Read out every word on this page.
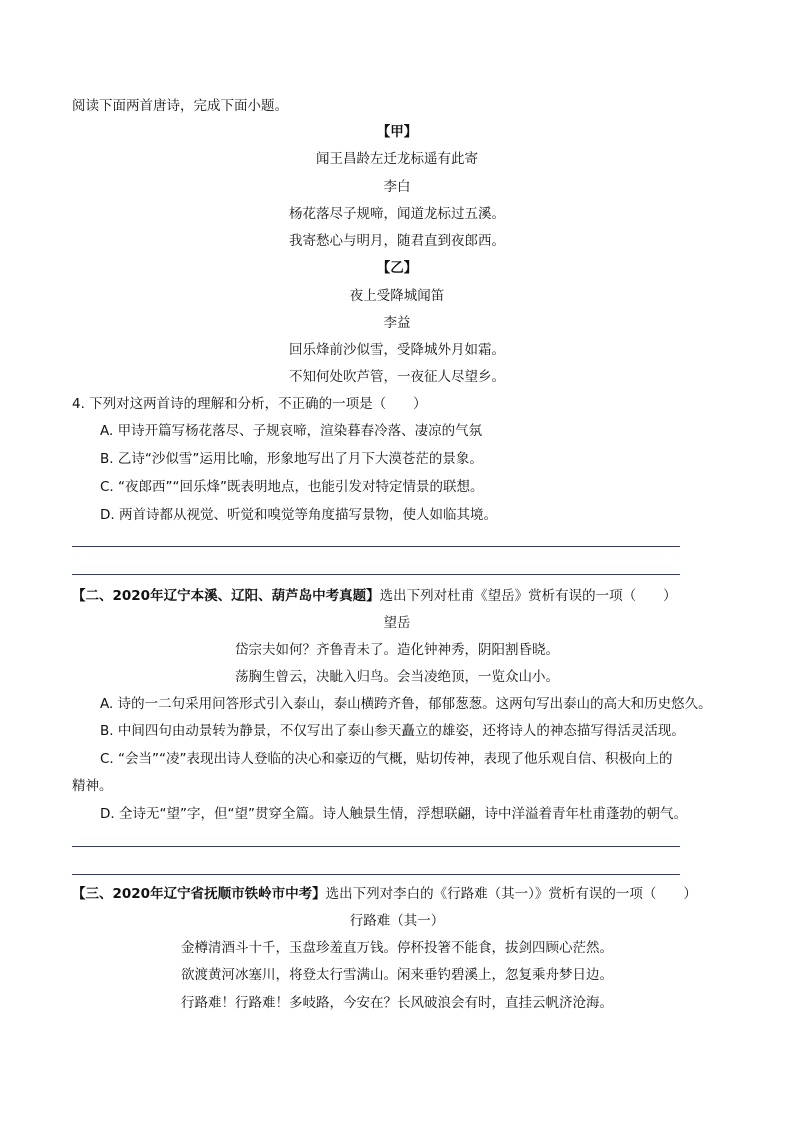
阅读下面两首唐诗，完成下面小题。
【甲】
闻王昌龄左迁龙标遥有此寄
李白
杨花落尽子规啼，闻道龙标过五溪。
我寄愁心与明月，随君直到夜郎西。
【乙】
夜上受降城闻笛
李益
回乐烽前沙似雪，受降城外月如霜。
不知何处吹芦管，一夜征人尽望乡。
4. 下列对这两首诗的理解和分析，不正确的一项是（　　）
A. 甲诗开篇写杨花落尽、子规哀啼，渲染暮春冷落、凄凉的气氛
B. 乙诗“沙似雪”运用比喻，形象地写出了月下大漠苍茫的景象。
C. “夜郎西”“回乐烽”既表明地点，也能引发对特定情景的联想。
D. 两首诗都从视觉、听觉和嗅觉等角度描写景物，使人如临其境。
【二、2020年辽宁本溪、辽阳、葫芦岛中考真题】选出下列对杜甫《望岳》赏析有误的一项（　　）
望岳
岱宗夫如何？齐鲁青未了。造化钟神秀，阴阳割昏晓。
荡胸生曾云，决眦入归鸟。会当凌绝顶，一览众山小。
A. 诗的一二句采用问答形式引入泰山，泰山横跨齐鲁，郁郁葱葱。这两句写出泰山的高大和历史悠久。
B. 中间四句由动景转为静景，不仅写出了泰山参天矗立的雄姿，还将诗人的神态描写得活灵活现。
C. “会当”“凌”表现出诗人登临的决心和豪迈的气概，贴切传神，表现了他乐观自信、积极向上的
精神。
D. 全诗无“望”字，但“望”贯穿全篇。诗人触景生情，浮想联翩，诗中洋溢着青年杜甫蓬勃的朝气。
【三、2020年辽宁省抚顺市铁岭市中考】选出下列对李白的《行路难（其一）》赏析有误的一项（　　）
行路难（其一）
金樽清酒斗十千，玉盘珍羞直万钱。停杯投箸不能食，拔剑四顾心茫然。
欲渡黄河冰塞川，将登太行雪满山。闲来垂钓碧溪上，忽复乘舟梦日边。
行路难！行路难！多岐路，今安在？长风破浪会有时，直挂云帆济沧海。
